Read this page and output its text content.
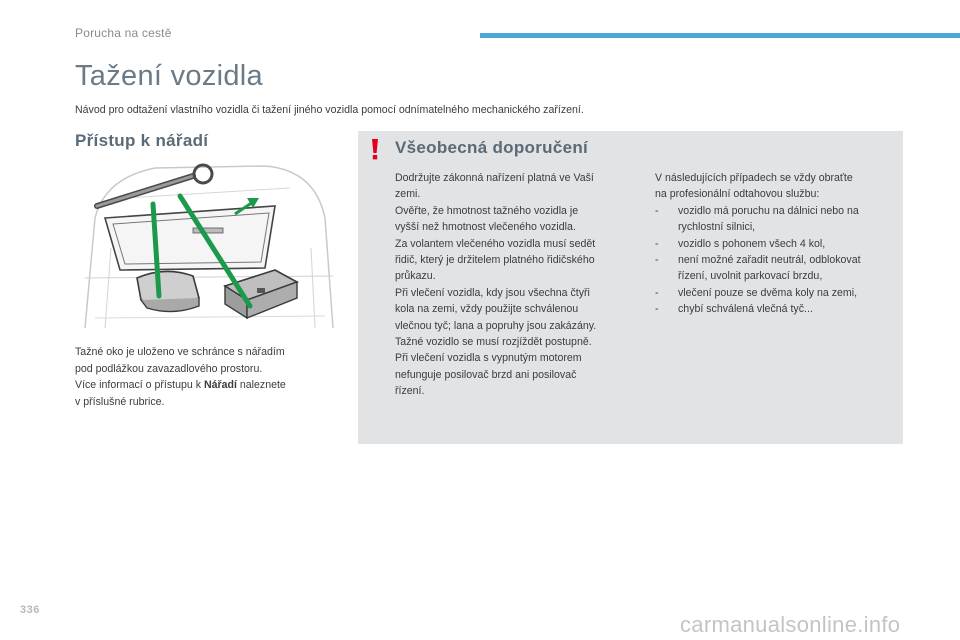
Porucha na cestě
Tažení vozidla
Návod pro odtažení vlastního vozidla či tažení jiného vozidla pomocí odnímatelného mechanického zařízení.
Přístup k nářadí
Tažné oko je uloženo ve schránce s nářadím
pod podlážkou zavazadlového prostoru.
Více informací o přístupu k Nářadí naleznete
v příslušné rubrice.
Všeobecná doporučení
Dodržujte zákonná nařízení platná ve Vaší
zemi.
Ověřte, že hmotnost tažného vozidla je
vyšší než hmotnost vlečeného vozidla.
Za volantem vlečeného vozidla musí sedět
řidič, který je držitelem platného řidičského
průkazu.
Při vlečení vozidla, kdy jsou všechna čtyři
kola na zemi, vždy použijte schválenou
vlečnou tyč; lana a popruhy jsou zakázány.
Tažné vozidlo se musí rozjíždět postupně.
Při vlečení vozidla s vypnutým motorem
nefunguje posilovač brzd ani posilovač
řízení.
V následujících případech se vždy obraťte
na profesionální odtahovou službu:
- vozidlo má poruchu na dálnici nebo na
rychlostní silnici,
- vozidlo s pohonem všech 4 kol,
- není možné zařadit neutrál, odblokovat
řízení, uvolnit parkovací brzdu,
- vlečení pouze se dvěma koly na zemi,
- chybí schválená vlečná tyč...
336
carmanualsonline.info
